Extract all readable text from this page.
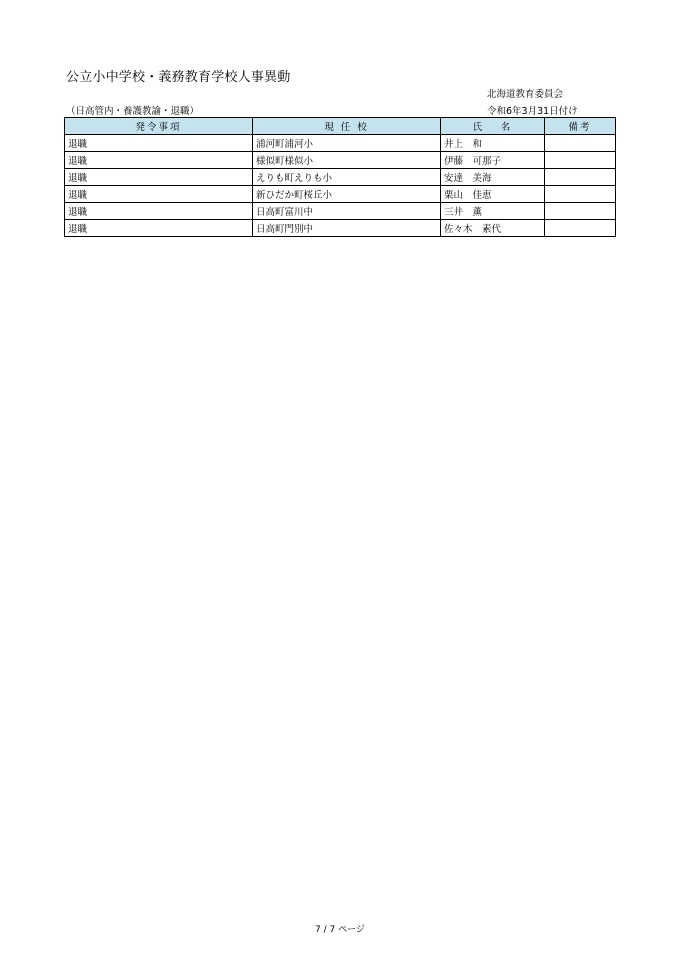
公立小中学校・義務教育学校人事異動
北海道教育委員会
（日高管内・養護教諭・退職）	令和6年3月31日付け
発令事項	現 任 校	氏　 名	備考
退職	浦河町浦河小	井上　和	
退職	様似町様似小	伊藤　可那子	
退職	えりも町えりも小	安達　美海	
退職	新ひだか町桜丘小	栗山　佳恵	
退職	日高町富川中	三井　薫	
退職	日高町門別中	佐々木　素代	
7 / 7 ページ
